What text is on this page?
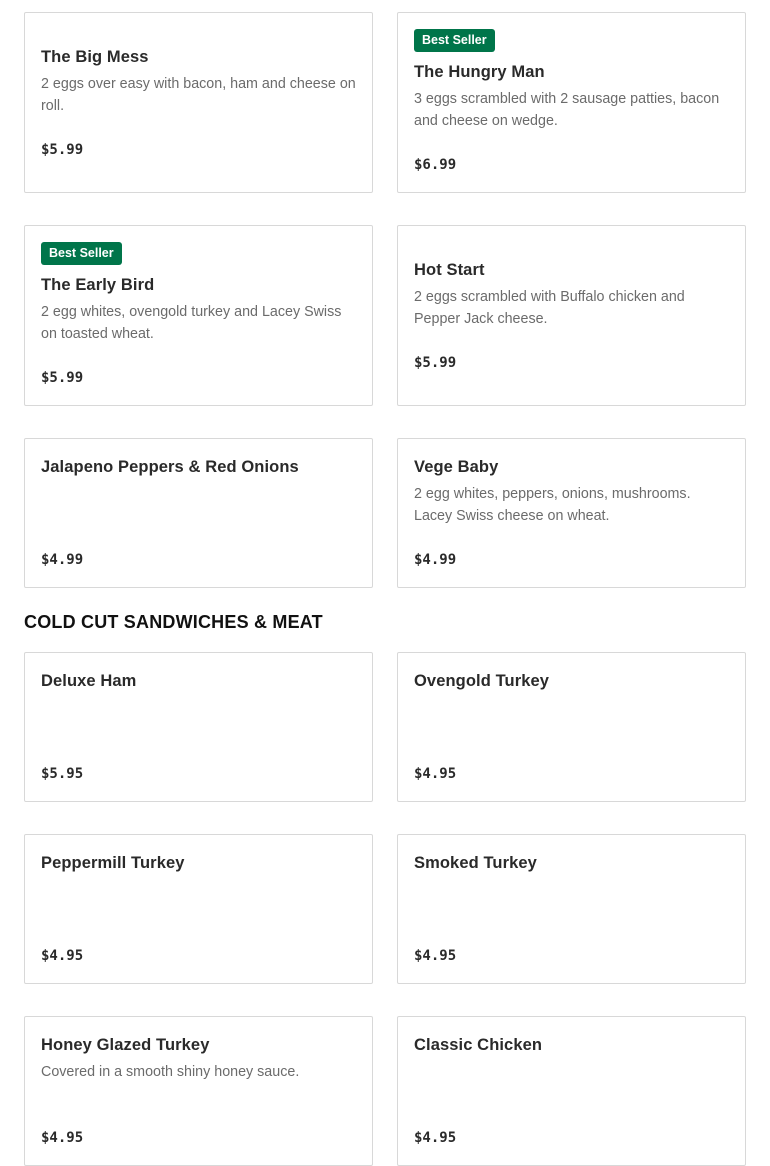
The Big Mess
2 eggs over easy with bacon, ham and cheese on roll.
$5.99
Best Seller
The Hungry Man
3 eggs scrambled with 2 sausage patties, bacon and cheese on wedge.
$6.99
Best Seller
The Early Bird
2 egg whites, ovengold turkey and Lacey Swiss on toasted wheat.
$5.99
Hot Start
2 eggs scrambled with Buffalo chicken and Pepper Jack cheese.
$5.99
Jalapeno Peppers & Red Onions
$4.99
Vege Baby
2 egg whites, peppers, onions, mushrooms. Lacey Swiss cheese on wheat.
$4.99
COLD CUT SANDWICHES & MEAT
Deluxe Ham
$5.95
Ovengold Turkey
$4.95
Peppermill Turkey
$4.95
Smoked Turkey
$4.95
Honey Glazed Turkey
Covered in a smooth shiny honey sauce.
$4.95
Classic Chicken
$4.95
